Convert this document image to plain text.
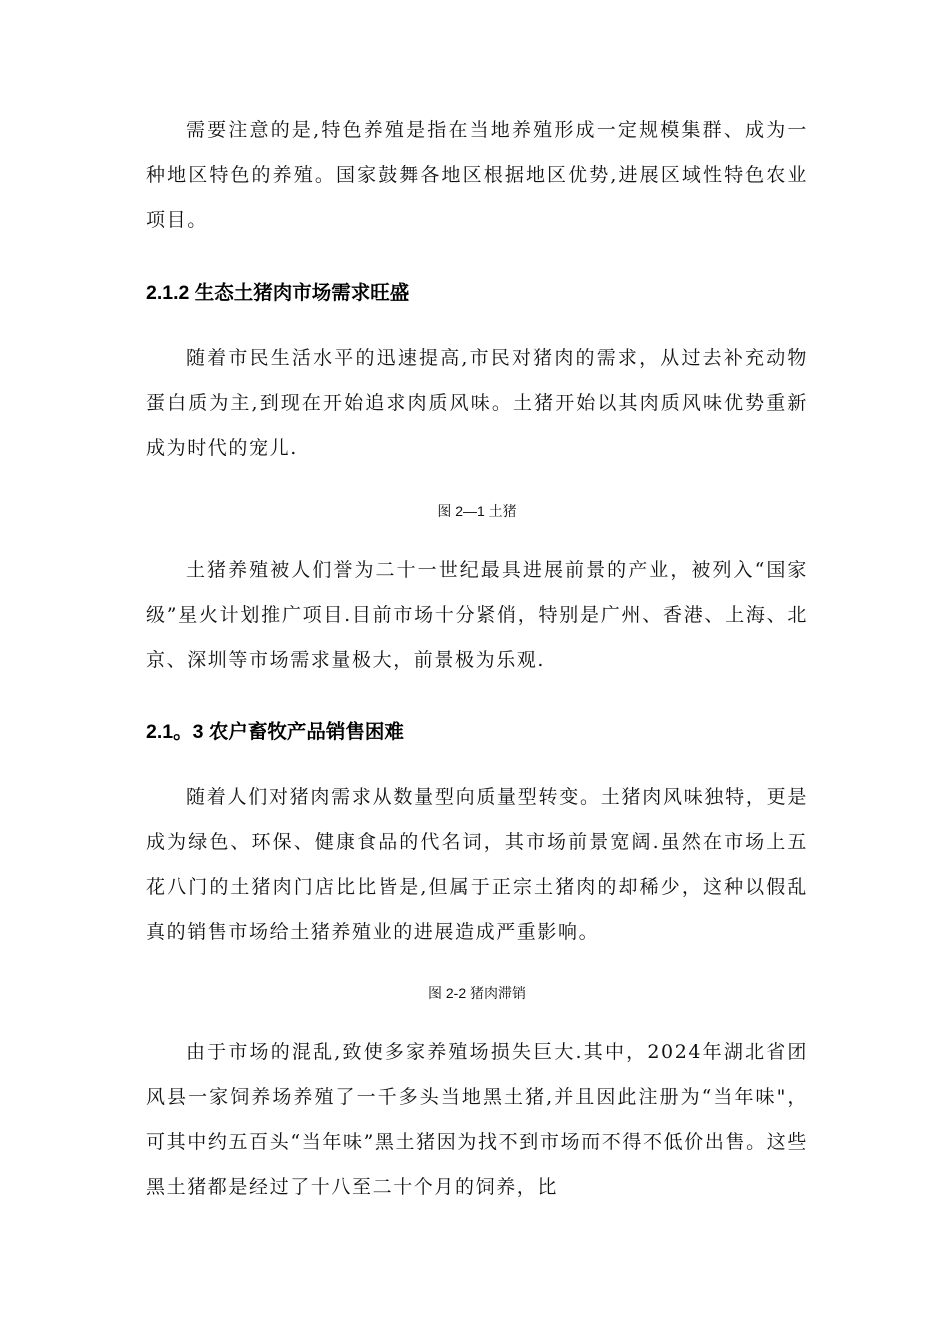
需要注意的是,特色养殖是指在当地养殖形成一定规模集群、成为一种地区特色的养殖。国家鼓舞各地区根据地区优势,进展区域性特色农业项目。

2.1.2 生态土猪肉市场需求旺盛

随着市民生活水平的迅速提高,市民对猪肉的需求，从过去补充动物蛋白质为主,到现在开始追求肉质风味。土猪开始以其肉质风味优势重新成为时代的宠儿.

图 2—1 土猪

土猪养殖被人们誉为二十一世纪最具进展前景的产业，被列入“国家级”星火计划推广项目.目前市场十分紧俏，特别是广州、香港、上海、北京、深圳等市场需求量极大，前景极为乐观.

2.1。3 农户畜牧产品销售困难

随着人们对猪肉需求从数量型向质量型转变。土猪肉风味独特，更是成为绿色、环保、健康食品的代名词，其市场前景宽阔.虽然在市场上五花八门的土猪肉门店比比皆是,但属于正宗土猪肉的却稀少，这种以假乱真的销售市场给土猪养殖业的进展造成严重影响。

图 2-2 猪肉滞销

由于市场的混乱,致使多家养殖场损失巨大.其中，2024年湖北省团风县一家饲养场养殖了一千多头当地黑土猪,并且因此注册为“当年味"，可其中约五百头“当年味”黑土猪因为找不到市场而不得不低价出售。这些黑土猪都是经过了十八至二十个月的饲养，比
